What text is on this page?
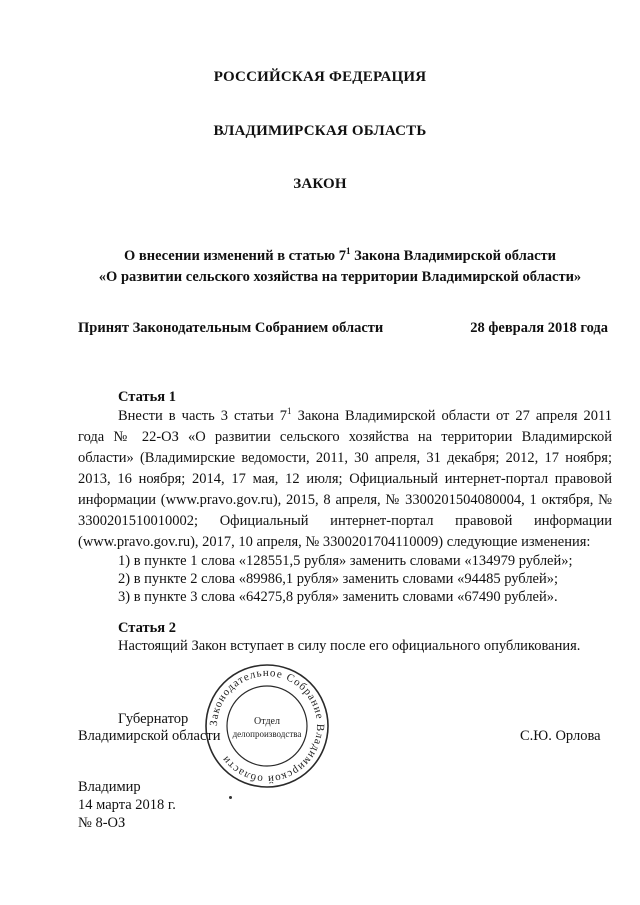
РОССИЙСКАЯ ФЕДЕРАЦИЯ
ВЛАДИМИРСКАЯ ОБЛАСТЬ
ЗАКОН
О внесении изменений в статью $7^1$ Закона Владимирской области
«О развитии сельского хозяйства на территории Владимирской области»
Принят Законодательным Собранием области	28 февраля 2018 года
Статья 1

Внести в часть 3 статьи $7^1$ Закона Владимирской области от 27 апреля 2011 года № 22-ОЗ «О развитии сельского хозяйства на территории Владимирской области» (Владимирские ведомости, 2011, 30 апреля, 31 декабря; 2012, 17 ноября; 2013, 16 ноября; 2014, 17 мая, 12 июля; Официальный интернет-портал правовой информации (www.pravo.gov.ru), 2015, 8 апреля, № 3300201504080004, 1 октября, № 3300201510010002; Официальный интернет-портал правовой информации (www.pravo.gov.ru), 2017, 10 апреля, № 3300201704110009) следующие изменения:

1) в пункте 1 слова «128551,5 рубля» заменить словами «134979 рублей»;
2) в пункте 2 слова «89986,1 рубля» заменить словами «94485 рублей»;
3) в пункте 3 слова «64275,8 рубля» заменить словами «67490 рублей».
Статья 2
Настоящий Закон вступает в силу после его официального опубликования.
Губернатор
Владимирской области	С.Ю. Орлова
Законодательное Собрание Владимирской области
Отдел
делопроизводства
Владимир
14 марта 2018 г.
№ 8-ОЗ
